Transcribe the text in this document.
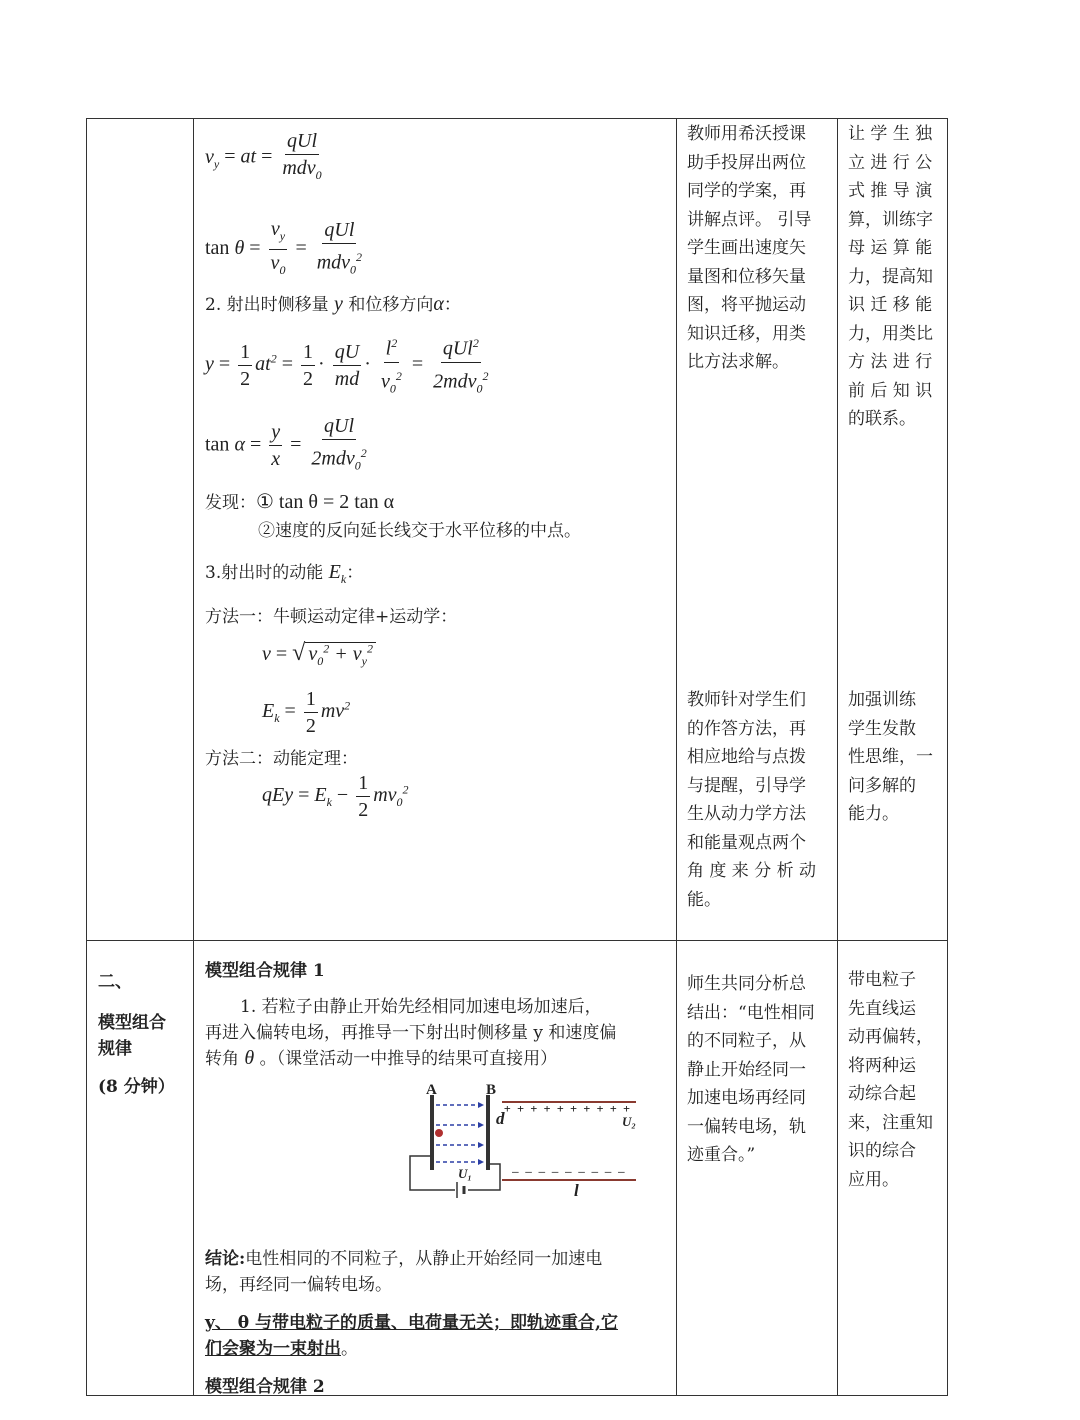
$v_y$ = at = $\frac{\text{qUl}}{mdv_0}$
$\tan \theta = \frac{v_y}{v_0} = \frac{\text{qUl}}{mdv_0^2}$
2. 射出时侧移量 y 和位移方向α：
$y = \frac{1}{2} at^2 = \frac{1}{2} \cdot \frac{qU}{md} \cdot \frac{l^2}{v_0^2} = \frac{qUl^2}{2mdv_0^2}$
$\tan \alpha = \frac{y}{x} = \frac{\text{qUl}}{2mdv_0^2}$
发现：① tan θ = 2 tan α
②速度的反向延长线交于水平位移的中点。
3.射出时的动能 $E_k$：
方法一：牛顿运动定律+运动学：
v = √ $v_0^2 + v_y^2$
$E_k = \frac{1}{2} mv^2$
方法二：动能定理：
qEy = $E_k - \frac{1}{2} mv_0^2$
教师用希沃授课
助手投屏出两位
同学的学案，再
讲解点评。 引导
学生画出速度矢
量图和位移矢量
图，将平抛运动
知识迁移，用类
比方法求解。
让 学 生 独
立 进 行 公
式 推 导 演
算，训练字
母 运 算 能
力，提高知
识 迁 移 能
力，用类比
方 法 进 行
前 后 知 识
的联系。
教师针对学生们
的作答方法，再
相应地给与点拨
与提醒，引导学
生从动力学方法
和能量观点两个
角 度 来 分 析 动
能。
加强训练
学生发散
性思维，一
问多解的
能力。
二、
模型组合
规律
(8 分钟）
模型组合规律 1
1. 若粒子由静止开始先经相同加速电场加速后，
再进入偏转电场，再推导一下射出时侧移量 y 和速度偏
转角 θ 。（课堂活动一中推导的结果可直接用）
A	B
U₁
+ + + + + + + + + +
d	U₂
– – – – – – – – –
l
结论:电性相同的不同粒子，从静止开始经同一加速电
场，再经同一偏转电场。
y、 θ 与带电粒子的质量、电荷量无关；即轨迹重合,它
们会聚为一束射出。
模型组合规律 2
师生共同分析总
结出：“电性相同
的不同粒子，从
静止开始经同一
加速电场再经同
一偏转电场，轨
迹重合。”
带电粒子
先直线运
动再偏转，
将两种运
动综合起
来，注重知
识的综合
应用。
